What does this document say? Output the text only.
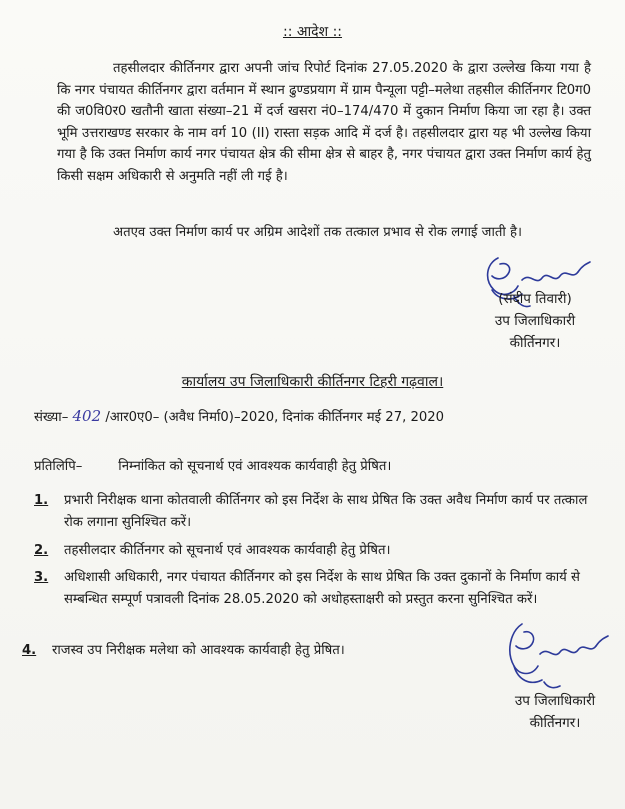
:: आदेश ::
तहसीलदार कीर्तिनगर द्वारा अपनी जांच रिपोर्ट दिनांक 27.05.2020 के द्वारा उल्लेख किया गया है कि नगर पंचायत कीर्तिनगर द्वारा वर्तमान में स्थान ढुण्डप्रयाग में ग्राम पैन्यूला पट्टी–मलेथा तहसील कीर्तिनगर टि0ग0 की ज0वि0र0 खतौनी खाता संख्या–21 में दर्ज खसरा नं0–174/470 में दुकान निर्माण किया जा रहा है। उक्त भूमि उत्तराखण्ड सरकार के नाम वर्ग 10 (II) रास्ता सड़क आदि में दर्ज है। तहसीलदार द्वारा यह भी उल्लेख किया गया है कि उक्त निर्माण कार्य नगर पंचायत क्षेत्र की सीमा क्षेत्र से बाहर है, नगर पंचायत द्वारा उक्त निर्माण कार्य हेतु किसी सक्षम अधिकारी से अनुमति नहीं ली गई है।
अतएव उक्त निर्माण कार्य पर अग्रिम आदेशों तक तत्काल प्रभाव से रोक लगाई जाती है।
(संदीप तिवारी)
उप जिलाधिकारी
कीर्तिनगर।
कार्यालय उप जिलाधिकारी कीर्तिनगर टिहरी गढ़वाल।
संख्या– 402 /आर0ए0– (अवैध निर्मा0)–2020, दिनांक कीर्तिनगर मई 27, 2020
प्रतिलिपि–	निम्नांकित को सूचनार्थ एवं आवश्यक कार्यवाही हेतु प्रेषित।
1.	प्रभारी निरीक्षक थाना कोतवाली कीर्तिनगर को इस निर्देश के साथ प्रेषित कि उक्त अवैध निर्माण कार्य पर तत्काल रोक लगाना सुनिश्चित करें।
2.	तहसीलदार कीर्तिनगर को सूचनार्थ एवं आवश्यक कार्यवाही हेतु प्रेषित।
3.	अधिशासी अधिकारी, नगर पंचायत कीर्तिनगर को इस निर्देश के साथ प्रेषित कि उक्त दुकानों के निर्माण कार्य से सम्बन्धित सम्पूर्ण पत्रावली दिनांक 28.05.2020 को अधोहस्ताक्षरी को प्रस्तुत करना सुनिश्चित करें।
4.	राजस्व उप निरीक्षक मलेथा को आवश्यक कार्यवाही हेतु प्रेषित।
उप जिलाधिकारी
कीर्तिनगर।
